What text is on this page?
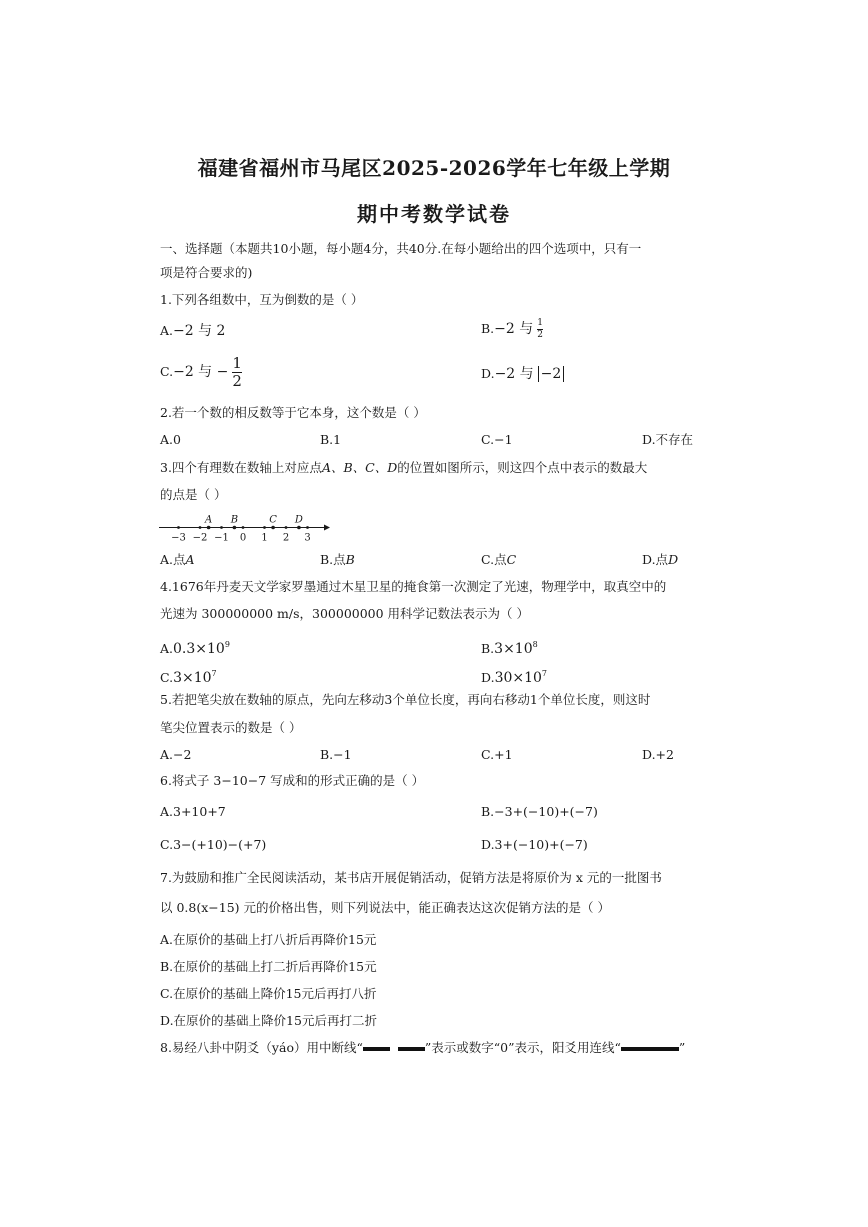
福建省福州市马尾区2025-2026学年七年级上学期
期中考数学试卷
一、选择题（本题共10小题，每小题4分，共40分.在每小题给出的四个选项中，只有一
项是符合要求的)
1.下列各组数中，互为倒数的是（ ）
A.−2 与 2	B.−2 与 $\frac{1}{2}$
C.−2 与 − $\frac{1}{2}$	D.−2 与 −2
2.若一个数的相反数等于它本身，这个数是（ ）
A.0	B.1	C.−1	D.不存在
3.四个有理数在数轴上对应点A、B、C、D的位置如图所示，则这四个点中表示的数最大
的点是（ ）
−3 −2 −1 0 1 2 3
A B	C D
A.点A	B.点B	C.点C	D.点D
4.1676年丹麦天文学家罗墨通过木星卫星的掩食第一次测定了光速，物理学中，取真空中的
光速为 300000000 m/s，300000000 用科学记数法表示为（ ）
$A.0.3\times 10^9$	$B.3\times 10^8$
$C.3\times 10^7$	$D.30\times 10^7$
5.若把笔尖放在数轴的原点，先向左移动3个单位长度，再向右移动1个单位长度，则这时
笔尖位置表示的数是（ ）
A.−2	B.−1	C.+1	D.+2
6.将式子 3−10−7 写成和的形式正确的是（ ）
A.3+10+7	B.−3+(−10)+(−7)
C.3−(+10)−(+7)	D.3+(−10)+(−7)
7.为鼓励和推广全民阅读活动，某书店开展促销活动，促销方法是将原价为 x 元的一批图书
以 0.8(x−15) 元的价格出售，则下列说法中，能正确表达这次促销方法的是（ ）
A.在原价的基础上打八折后再降价15元
B.在原价的基础上打二折后再降价15元
C.在原价的基础上降价15元后再打八折
D.在原价的基础上降价15元后再打二折
8.易经八卦中阴爻（yáo）用中断线“	”表示或数字“0”表示，阳爻用连线“	”
